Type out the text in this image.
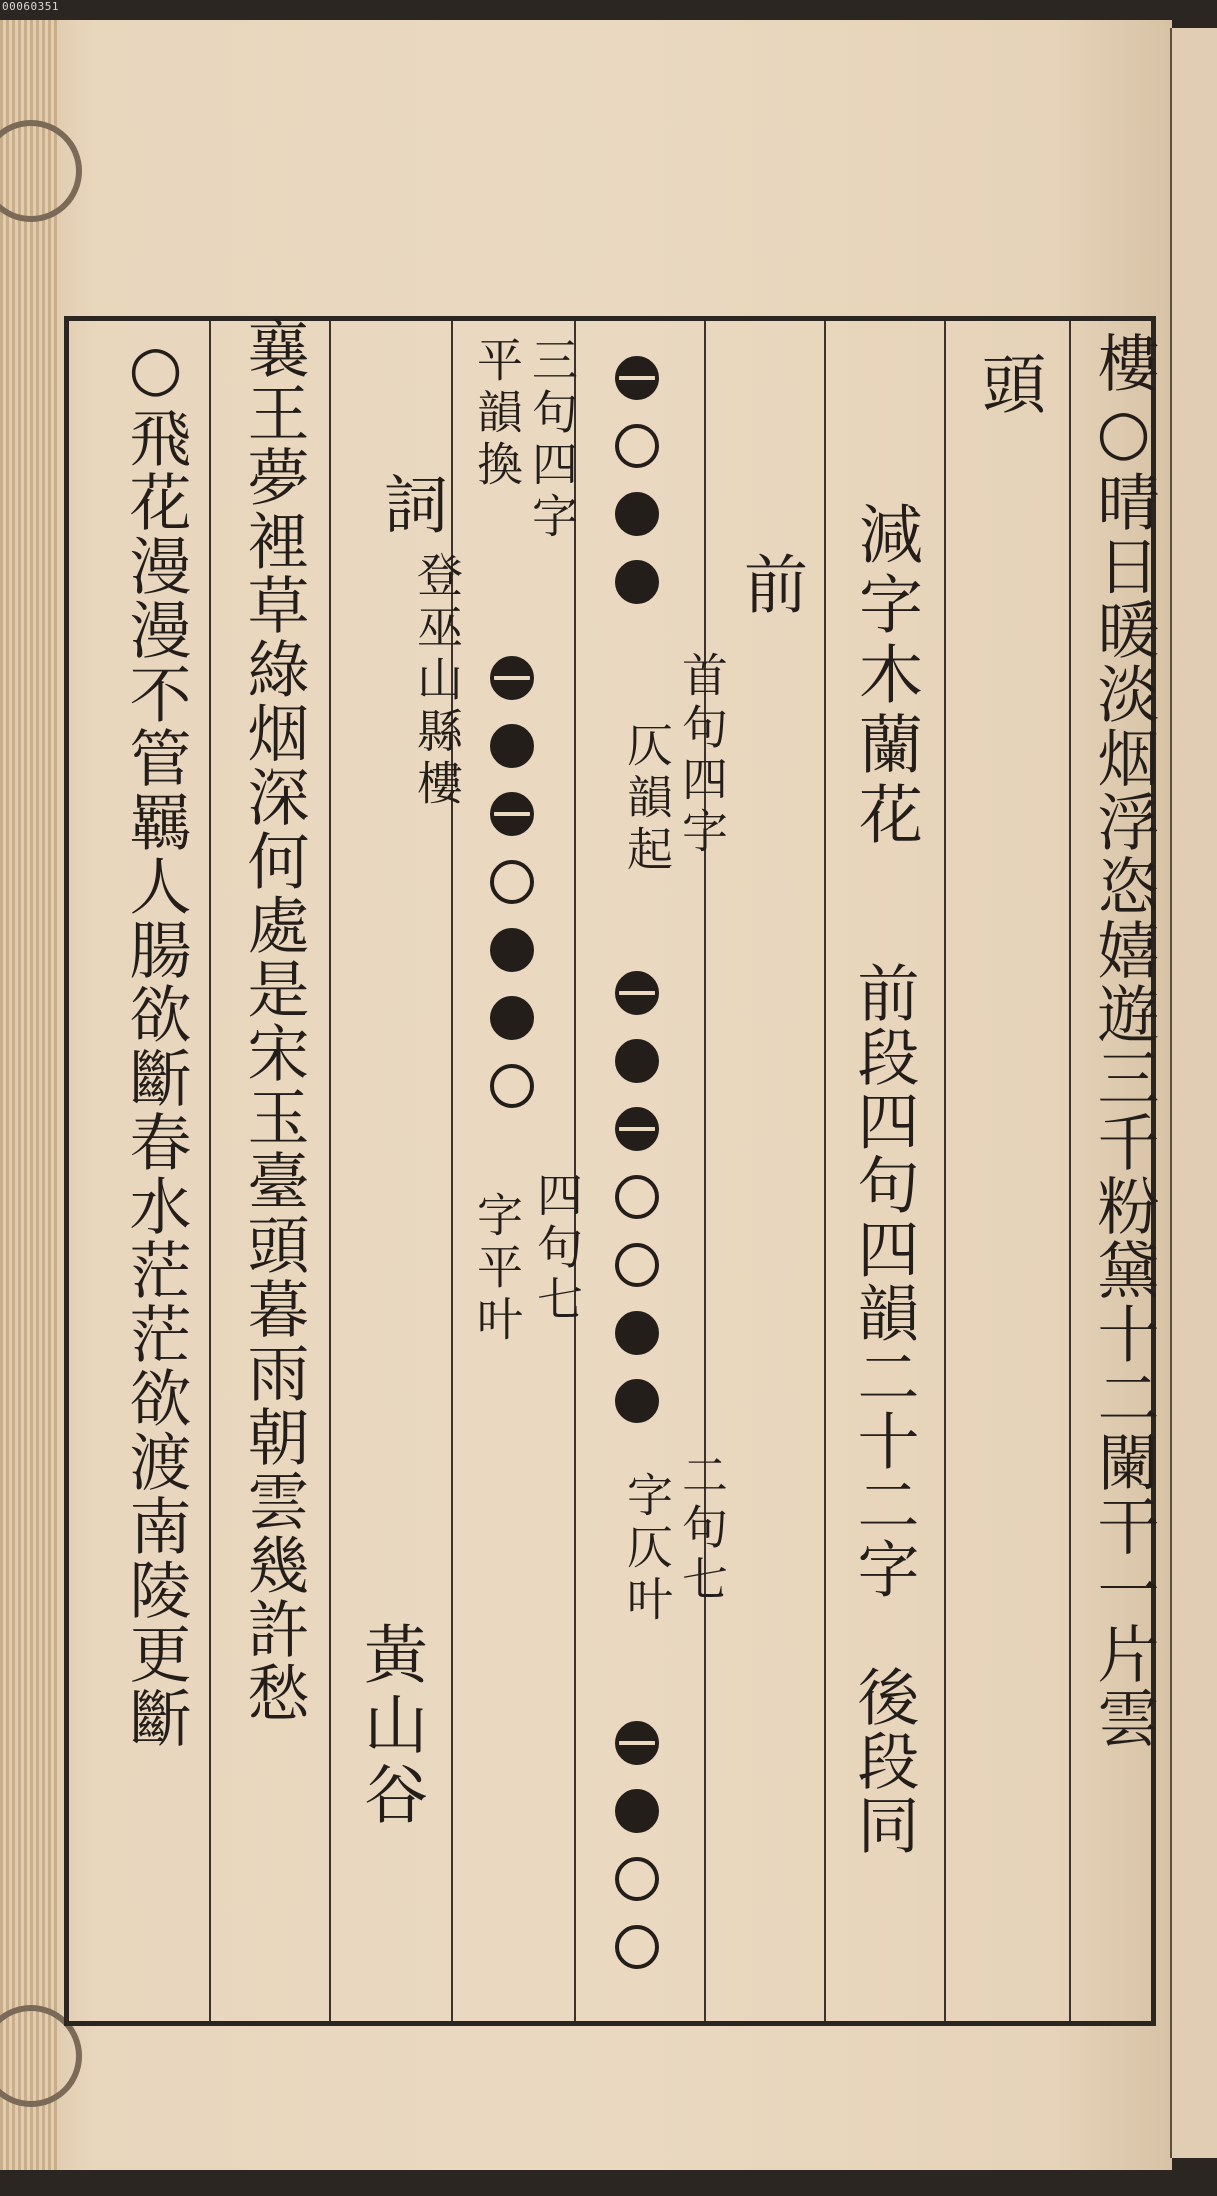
00060351
樓○晴日暖淡烟浮恣嬉遊三千粉黛十二闌干一片雲
頭
減字木蘭花
前段四句四韻二十二字　後段同
前
首句四字
仄韻起
二句七
字仄叶
三句四字
平韻換
四句七
字平叶
詞
登巫山縣樓
黃山谷
襄王夢裡草綠烟深何處是宋玉臺頭暮雨朝雲幾許愁
○飛花漫漫不管羈人腸欲斷春水茫茫欲渡南陵更斷
